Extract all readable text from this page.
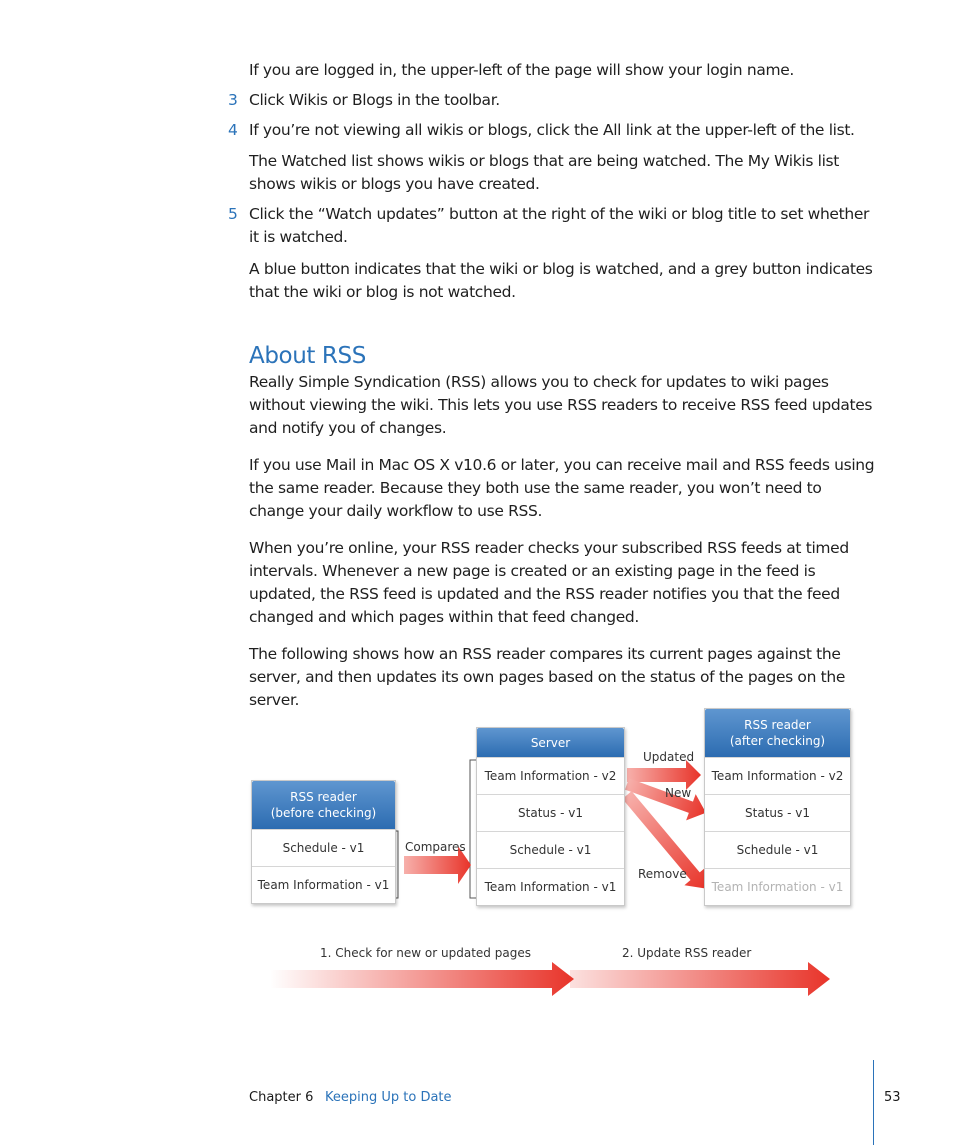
If you are logged in, the upper-left of the page will show your login name.
3 Click Wikis or Blogs in the toolbar.
4 If you’re not viewing all wikis or blogs, click the All link at the upper-left of the list.
The Watched list shows wikis or blogs that are being watched. The My Wikis list shows wikis or blogs you have created.
5 Click the “Watch updates” button at the right of the wiki or blog title to set whether it is watched.
A blue button indicates that the wiki or blog is watched, and a grey button indicates that the wiki or blog is not watched.
About RSS
Really Simple Syndication (RSS) allows you to check for updates to wiki pages without viewing the wiki. This lets you use RSS readers to receive RSS feed updates and notify you of changes.
If you use Mail in Mac OS X v10.6 or later, you can receive mail and RSS feeds using the same reader. Because they both use the same reader, you won’t need to change your daily workflow to use RSS.
When you’re online, your RSS reader checks your subscribed RSS feeds at timed intervals. Whenever a new page is created or an existing page in the feed is updated, the RSS feed is updated and the RSS reader notifies you that the feed changed and which pages within that feed changed.
The following shows how an RSS reader compares its current pages against the server, and then updates its own pages based on the status of the pages on the server.
RSS reader
(before checking)
Schedule - v1
Team Information - v1
Server
Team Information - v2
Status - v1
Schedule - v1
Team Information - v1
RSS reader
(after checking)
Team Information - v2
Status - v1
Schedule - v1
Team Information - v1
Compares
Updated
New
Remove
1. Check for new or updated pages	2. Update RSS reader
Chapter 6 Keeping Up to Date	53
